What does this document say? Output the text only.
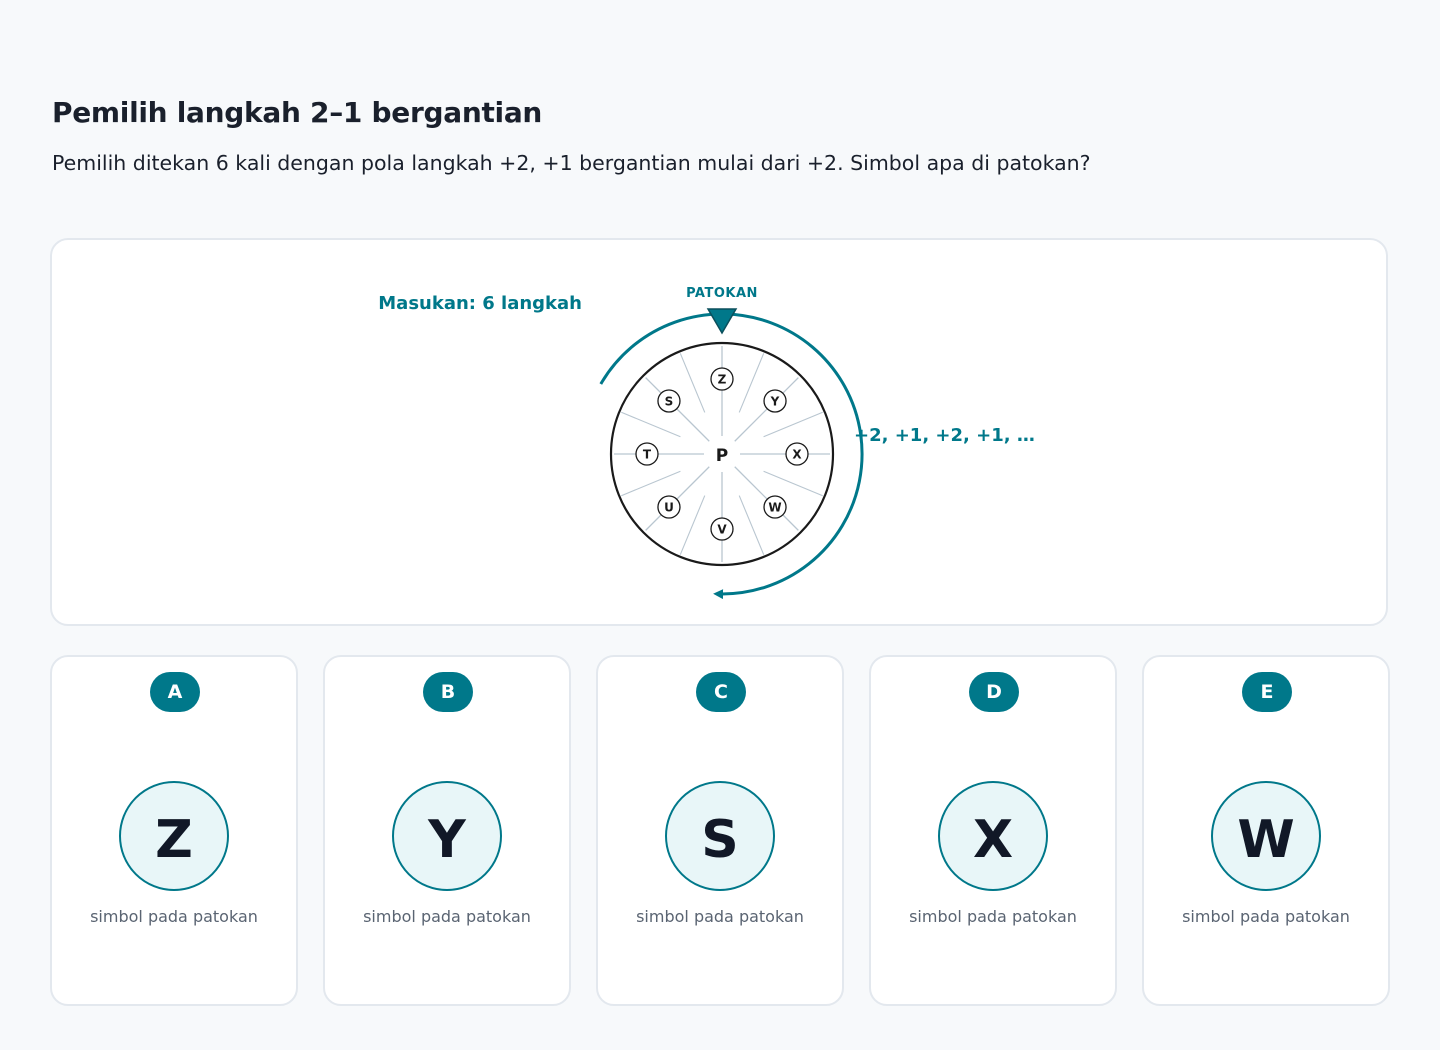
Pemilih langkah 2–1 bergantian

Pemilih ditekan 6 kali dengan pola langkah +2, +1 bergantian mulai dari +2. Simbol apa di patokan?

Masukan: 6 langkah	PATOKAN
Z
Y
X
W
V
U
T
S
P
+2, +1, +2, +1, …
A
Z
simbol pada patokan
B
Y
simbol pada patokan
C
S
simbol pada patokan
D
X
simbol pada patokan
E
W
simbol pada patokan
